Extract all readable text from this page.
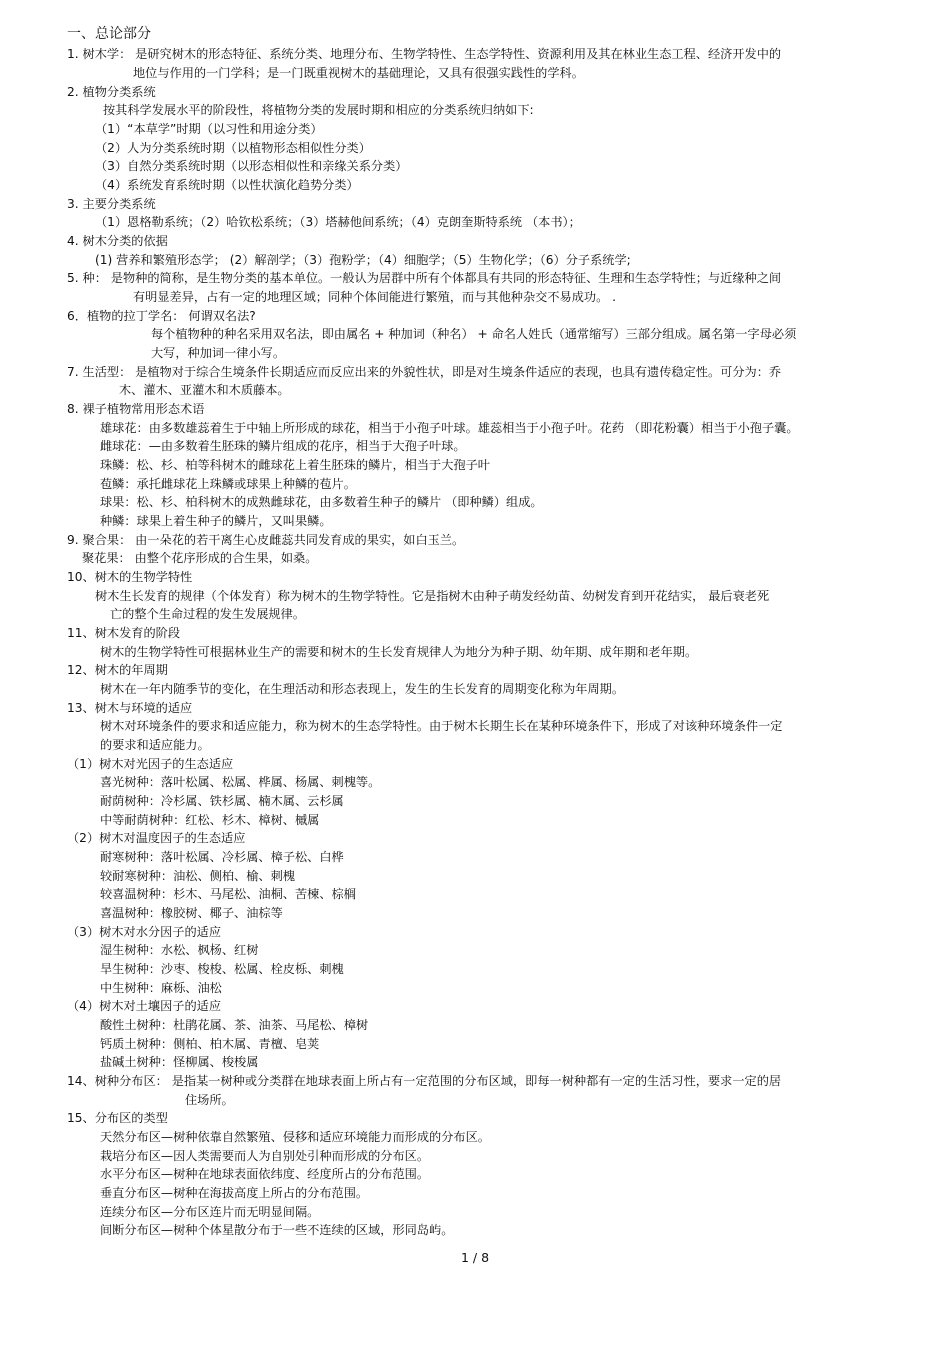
一、总论部分
1. 树木学： 是研究树木的形态特征、系统分类、地理分布、生物学特性、生态学特性、资源利用及其在林业生态工程、经济开发中的
地位与作用的一门学科；是一门既重视树木的基础理论，又具有很强实践性的学科。
2. 植物分类系统
按其科学发展水平的阶段性，将植物分类的发展时期和相应的分类系统归纳如下:
（1）“本草学”时期（以习性和用途分类）
（2）人为分类系统时期（以植物形态相似性分类）
（3）自然分类系统时期（以形态相似性和亲缘关系分类）
（4）系统发育系统时期（以性状演化趋势分类）
3. 主要分类系统
（1）恩格勒系统；（2）哈钦松系统；（3）塔赫他间系统；（4）克朗奎斯特系统 （本书）；
4. 树木分类的依据
(1) 营养和繁殖形态学； (2）解剖学；（3）孢粉学；（4）细胞学；（5）生物化学；（6）分子系统学;
5. 种： 是物种的简称，是生物分类的基本单位。一般认为居群中所有个体都具有共同的形态特征、生理和生态学特性；与近缘种之间
有明显差异，占有一定的地理区域；同种个体间能进行繁殖，而与其他种杂交不易成功。 .
6．植物的拉丁学名： 何谓双名法?
每个植物种的种名采用双名法，即由属名 + 种加词（种名） + 命名人姓氏（通常缩写）三部分组成。属名第一字母必须
大写，种加词一律小写。
7. 生活型： 是植物对于综合生境条件长期适应而反应出来的外貌性状，即是对生境条件适应的表现，也具有遗传稳定性。可分为：乔
木、灌木、亚灌木和木质藤本。
8. 裸子植物常用形态术语
雄球花：由多数雄蕊着生于中轴上所形成的球花，相当于小孢子叶球。雄蕊相当于小孢子叶。花药 （即花粉囊）相当于小孢子囊。
雌球花：—由多数着生胚珠的鳞片组成的花序，相当于大孢子叶球。
珠鳞：松、杉、柏等科树木的雌球花上着生胚珠的鳞片，相当于大孢子叶
苞鳞：承托雌球花上珠鳞或球果上种鳞的苞片。
球果：松、杉、柏科树木的成熟雌球花，由多数着生种子的鳞片 （即种鳞）组成。
种鳞：球果上着生种子的鳞片，又叫果鳞。
9. 聚合果： 由一朵花的若干离生心皮雌蕊共同发育成的果实，如白玉兰。
聚花果： 由整个花序形成的合生果，如桑。
10、树木的生物学特性
树木生长发育的规律（个体发育）称为树木的生物学特性。它是指树木由种子萌发经幼苗、幼树发育到开花结实， 最后衰老死
亡的整个生命过程的发生发展规律。
11、树木发育的阶段
树木的生物学特性可根据林业生产的需要和树木的生长发育规律人为地分为种子期、幼年期、成年期和老年期。
12、树木的年周期
树木在一年内随季节的变化，在生理活动和形态表现上，发生的生长发育的周期变化称为年周期。
13、树木与环境的适应
树木对环境条件的要求和适应能力，称为树木的生态学特性。由于树木长期生长在某种环境条件下，形成了对该种环境条件一定
的要求和适应能力。
（1）树木对光因子的生态适应
喜光树种：落叶松属、松属、桦属、杨属、刺槐等。
耐荫树种：冷杉属、铁杉属、楠木属、云杉属
中等耐荫树种：红松、杉木、樟树、槭属
（2）树木对温度因子的生态适应
耐寒树种：落叶松属、冷杉属、樟子松、白桦
较耐寒树种：油松、侧柏、榆、刺槐
较喜温树种：杉木、马尾松、油桐、苦楝、棕榈
喜温树种：橡胶树、椰子、油棕等
（3）树木对水分因子的适应
湿生树种：水松、枫杨、红树
旱生树种：沙枣、梭梭、松属、栓皮栎、刺槐
中生树种：麻栎、油松
（4）树木对土壤因子的适应
酸性土树种：杜鹃花属、茶、油茶、马尾松、樟树
钙质土树种：侧柏、柏木属、青檀、皂荚
盐碱土树种：怪柳属、梭梭属
14、树种分布区： 是指某一树种或分类群在地球表面上所占有一定范围的分布区域，即每一树种都有一定的生活习性，要求一定的居
住场所。
15、分布区的类型
天然分布区—树种依靠自然繁殖、侵移和适应环境能力而形成的分布区。
栽培分布区—因人类需要而人为自别处引种而形成的分布区。
水平分布区—树种在地球表面依纬度、经度所占的分布范围。
垂直分布区—树种在海拔高度上所占的分布范围。
连续分布区—分布区连片而无明显间隔。
间断分布区—树种个体星散分布于一些不连续的区域，形同岛屿。
1 / 8
